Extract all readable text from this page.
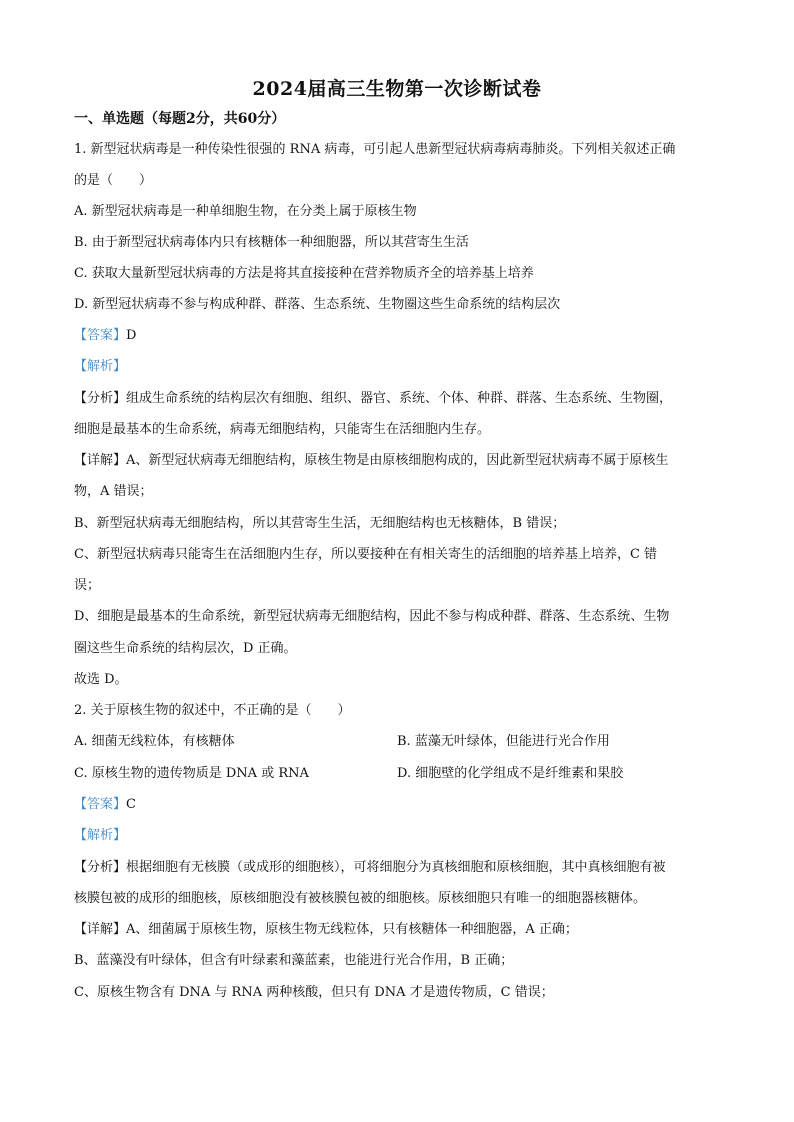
2024届高三生物第一次诊断试卷
一、单选题（每题2分，共60分）
1. 新型冠状病毒是一种传染性很强的 RNA 病毒，可引起人患新型冠状病毒病毒肺炎。下列相关叙述正确
的是（　　）
A. 新型冠状病毒是一种单细胞生物，在分类上属于原核生物
B. 由于新型冠状病毒体内只有核糖体一种细胞器，所以其营寄生生活
C. 获取大量新型冠状病毒的方法是将其直接接种在营养物质齐全的培养基上培养
D. 新型冠状病毒不参与构成种群、群落、生态系统、生物圈这些生命系统的结构层次
【答案】D
【解析】
【分析】组成生命系统的结构层次有细胞、组织、器官、系统、个体、种群、群落、生态系统、生物圈，
细胞是最基本的生命系统，病毒无细胞结构，只能寄生在活细胞内生存。
【详解】A、新型冠状病毒无细胞结构，原核生物是由原核细胞构成的，因此新型冠状病毒不属于原核生
物，A 错误；
B、新型冠状病毒无细胞结构，所以其营寄生生活，无细胞结构也无核糖体，B 错误；
C、新型冠状病毒只能寄生在活细胞内生存，所以要接种在有相关寄生的活细胞的培养基上培养，C 错
误；
D、细胞是最基本的生命系统，新型冠状病毒无细胞结构，因此不参与构成种群、群落、生态系统、生物
圈这些生命系统的结构层次，D 正确。
故选 D。
2. 关于原核生物的叙述中，不正确的是（　　）
A. 细菌无线粒体，有核糖体	B. 蓝藻无叶绿体，但能进行光合作用
C. 原核生物的遗传物质是 DNA 或 RNA	D. 细胞壁的化学组成不是纤维素和果胶
【答案】C
【解析】
【分析】根据细胞有无核膜（或成形的细胞核），可将细胞分为真核细胞和原核细胞，其中真核细胞有被
核膜包被的成形的细胞核，原核细胞没有被核膜包被的细胞核。原核细胞只有唯一的细胞器核糖体。
【详解】A、细菌属于原核生物，原核生物无线粒体，只有核糖体一种细胞器，A 正确；
B、蓝藻没有叶绿体，但含有叶绿素和藻蓝素，也能进行光合作用，B 正确；
C、原核生物含有 DNA 与 RNA 两种核酸，但只有 DNA 才是遗传物质，C 错误；
